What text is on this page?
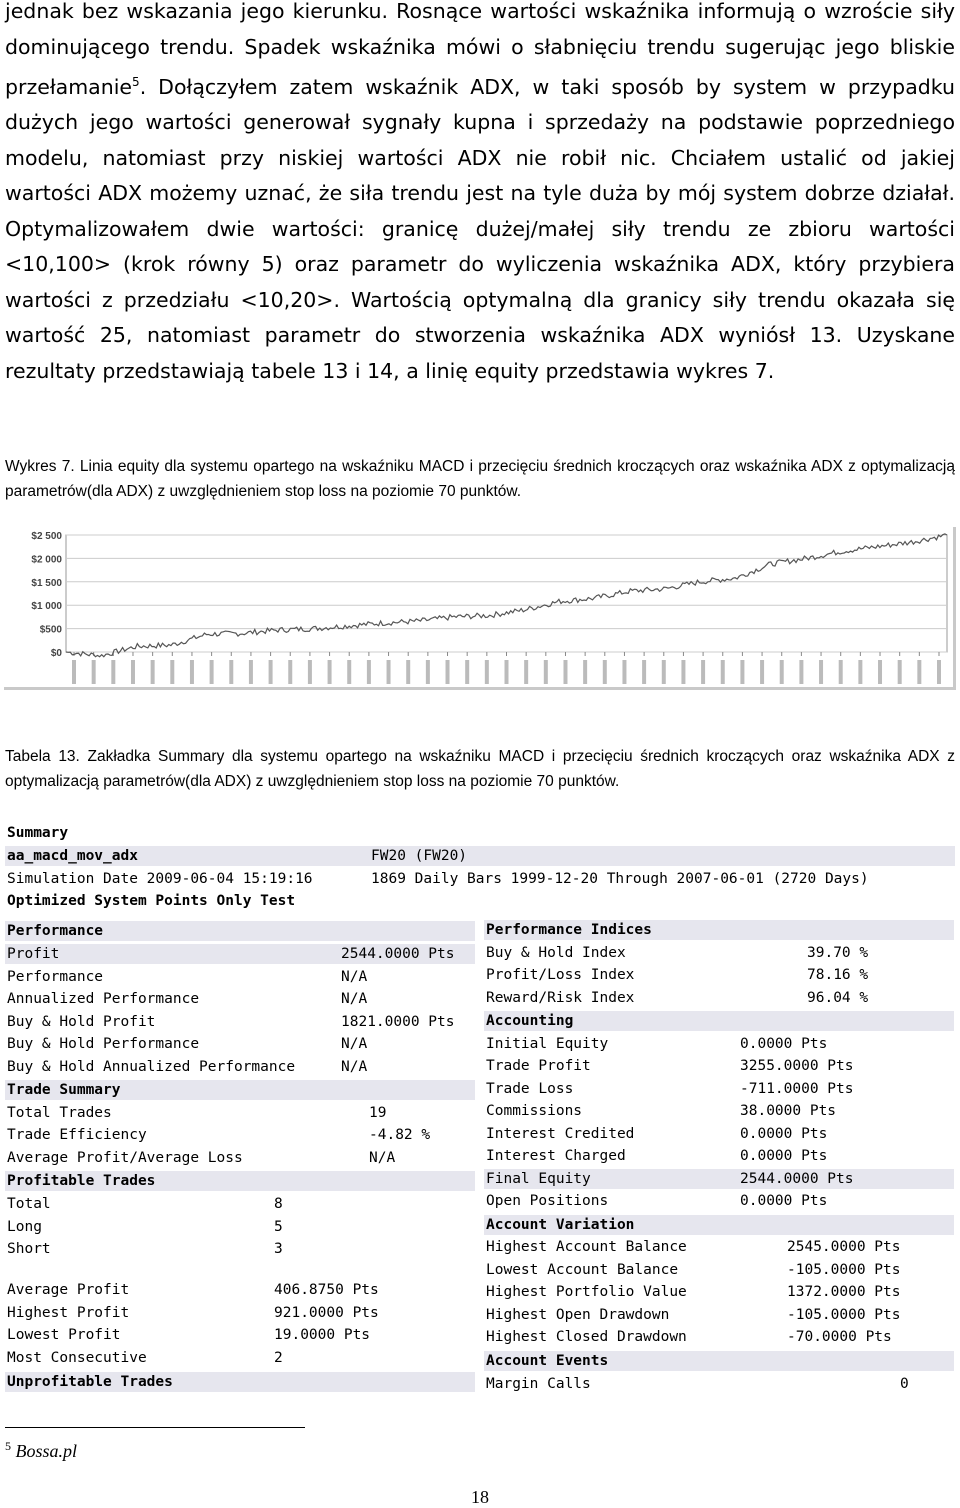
jednak bez wskazania jego kierunku. Rosnące wartości wskaźnika informują o wzroście siły dominującego trendu. Spadek wskaźnika mówi o słabnięciu trendu sugerując jego bliskie przełamanie$^5$. Dołączyłem zatem wskaźnik ADX, w taki sposób by system w przypadku dużych jego wartości generował sygnały kupna i sprzedaży na podstawie poprzedniego modelu, natomiast przy niskiej wartości ADX nie robił nic. Chciałem ustalić od jakiej wartości ADX możemy uznać, że siła trendu jest na tyle duża by mój system dobrze działał. Optymalizowałem dwie wartości: granicę dużej/małej siły trendu ze zbioru wartości <10,100> (krok równy 5) oraz parametr do wyliczenia wskaźnika ADX, który przybiera wartości z przedziału <10,20>. Wartością optymalną dla granicy siły trendu okazała się wartość 25, natomiast parametr do stworzenia wskaźnika ADX wyniósł 13. Uzyskane rezultaty przedstawiają tabele 13 i 14, a linię equity przedstawia wykres 7.

Wykres 7. Linia equity dla systemu opartego na wskaźniku MACD i przecięciu średnich kroczących oraz wskaźnika ADX z optymalizacją parametrów(dla ADX) z uwzględnieniem stop loss na poziomie 70 punktów.
$2 500
$2 000
$1 500
$1 000
$500
$0
Tabela 13. Zakładka Summary dla systemu opartego na wskaźniku MACD i przecięciu średnich kroczących oraz wskaźnika ADX z optymalizacją parametrów(dla ADX) z uwzględnieniem stop loss na poziomie 70 punktów.
Summary
aa_macd_mov_adx	FW20 (FW20)
Simulation Date 2009-06-04 15:19:16	1869 Daily Bars 1999-12-20 Through 2007-06-01 (2720 Days)
Optimized System Points Only Test
Performance
Profit	2544.0000 Pts
Performance	N/A
Annualized Performance	N/A
Buy & Hold Profit	1821.0000 Pts
Buy & Hold Performance	N/A
Buy & Hold Annualized Performance	N/A
Trade Summary
Total Trades	19
Trade Efficiency	-4.82 %
Average Profit/Average Loss	N/A
Profitable Trades
Total	8
Long	5
Short	3
Average Profit	406.8750 Pts
Highest Profit	921.0000 Pts
Lowest Profit	19.0000 Pts
Most Consecutive	2
Unprofitable Trades
Performance Indices
Buy & Hold Index	39.70 %
Profit/Loss Index	78.16 %
Reward/Risk Index	96.04 %
Accounting
Initial Equity	0.0000 Pts
Trade Profit	3255.0000 Pts
Trade Loss	-711.0000 Pts
Commissions	38.0000 Pts
Interest Credited	0.0000 Pts
Interest Charged	0.0000 Pts
Final Equity	2544.0000 Pts
Open Positions	0.0000 Pts
Account Variation
Highest Account Balance	2545.0000 Pts
Lowest Account Balance	-105.0000 Pts
Highest Portfolio Value	1372.0000 Pts
Highest Open Drawdown	-105.0000 Pts
Highest Closed Drawdown	-70.0000 Pts
Account Events
Margin Calls	0
$^5$ Bossa.pl
18
